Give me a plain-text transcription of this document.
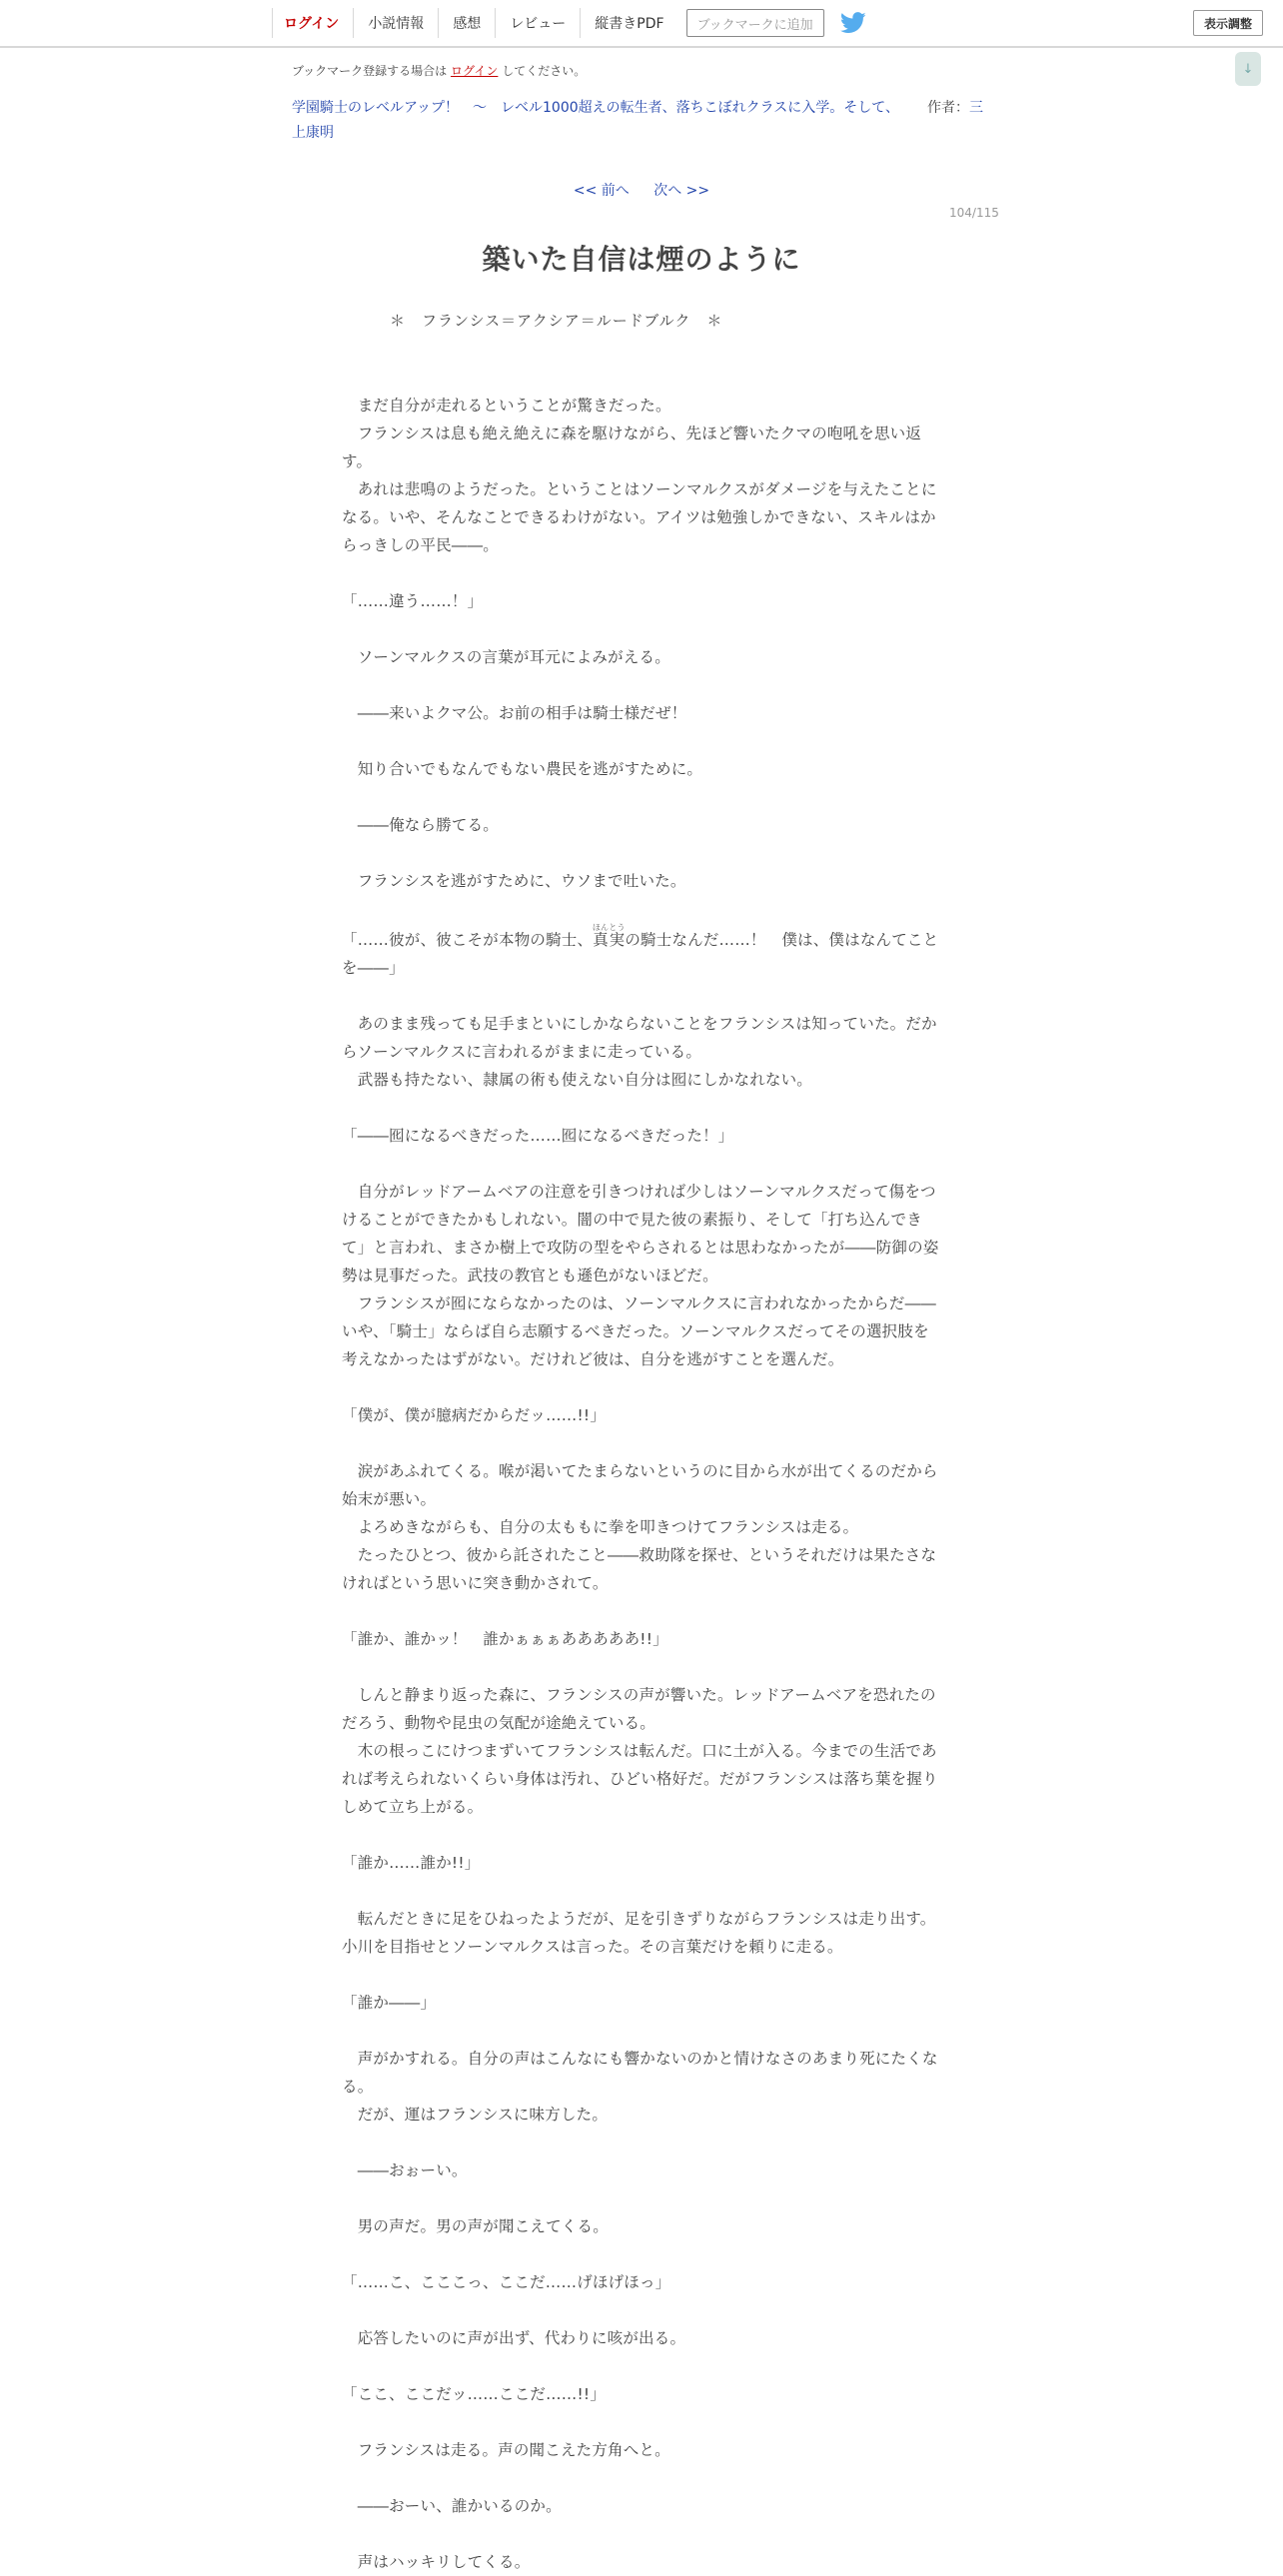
ログイン	小説情報	感想	レビュー	縦書きPDF	ブックマークに追加	表示調整
↓
ブックマーク登録する場合は ログイン してください。
学園騎士のレベルアップ！　〜　レベル1000超えの転生者、落ちこぼれクラスに入学。そして、 作者：三上康明
<< 前へ 次へ >>
104/115
築いた自信は煙のように
＊　フランシス＝アクシア＝ルードブルク　＊

　まだ自分が走れるということが驚きだった。

　フランシスは息も絶え絶えに森を駆けながら、先ほど響いたクマの咆吼を思い返す。

　あれは悲鳴のようだった。ということはソーンマルクスがダメージを与えたことになる。いや、そんなことできるわけがない。アイツは勉強しかできない、スキルはからっきしの平民――。

「……違う……！」

　ソーンマルクスの言葉が耳元によみがえる。

　――来いよクマ公。お前の相手は騎士様だぜ！

　知り合いでもなんでもない農民を逃がすために。

　――俺なら勝てる。

　フランシスを逃がすために、ウソまで吐いた。

「……彼が、彼こそが本物の騎士、真実ほんとうの騎士なんだ……！　僕は、僕はなんてことを――」

　あのまま残っても足手まといにしかならないことをフランシスは知っていた。だからソーンマルクスに言われるがままに走っている。

　武器も持たない、隷属の術も使えない自分は囮にしかなれない。

「――囮になるべきだった……囮になるべきだった！」

　自分がレッドアームベアの注意を引きつければ少しはソーンマルクスだって傷をつけることができたかもしれない。闇の中で見た彼の素振り、そして「打ち込んできて」と言われ、まさか樹上で攻防の型をやらされるとは思わなかったが――防御の姿勢は見事だった。武技の教官とも遜色がないほどだ。

　フランシスが囮にならなかったのは、ソーンマルクスに言われなかったからだ――いや、「騎士」ならば自ら志願するべきだった。ソーンマルクスだってその選択肢を考えなかったはずがない。だけれど彼は、自分を逃がすことを選んだ。

「僕が、僕が臆病だからだッ……!!」

　涙があふれてくる。喉が渇いてたまらないというのに目から水が出てくるのだから始末が悪い。

　よろめきながらも、自分の太ももに拳を叩きつけてフランシスは走る。

　たったひとつ、彼から託されたこと――救助隊を探せ、というそれだけは果たさなければという思いに突き動かされて。

「誰か、誰かッ！　誰かぁぁぁあああああ!!」

　しんと静まり返った森に、フランシスの声が響いた。レッドアームベアを恐れたのだろう、動物や昆虫の気配が途絶えている。

　木の根っこにけつまずいてフランシスは転んだ。口に土が入る。今までの生活であれば考えられないくらい身体は汚れ、ひどい格好だ。だがフランシスは落ち葉を握りしめて立ち上がる。

「誰か……誰か!!」

　転んだときに足をひねったようだが、足を引きずりながらフランシスは走り出す。小川を目指せとソーンマルクスは言った。その言葉だけを頼りに走る。

「誰か――」

　声がかすれる。自分の声はこんなにも響かないのかと情けなさのあまり死にたくなる。

　だが、運はフランシスに味方した。

　――おぉーい。

　男の声だ。男の声が聞こえてくる。

「……こ、こここっ、ここだ……げほげほっ」

　応答したいのに声が出ず、代わりに咳が出る。

「ここ、ここだッ……ここだ……!!」

　フランシスは走る。声の聞こえた方角へと。

　――おーい、誰かいるのか。

　声はハッキリしてくる。
